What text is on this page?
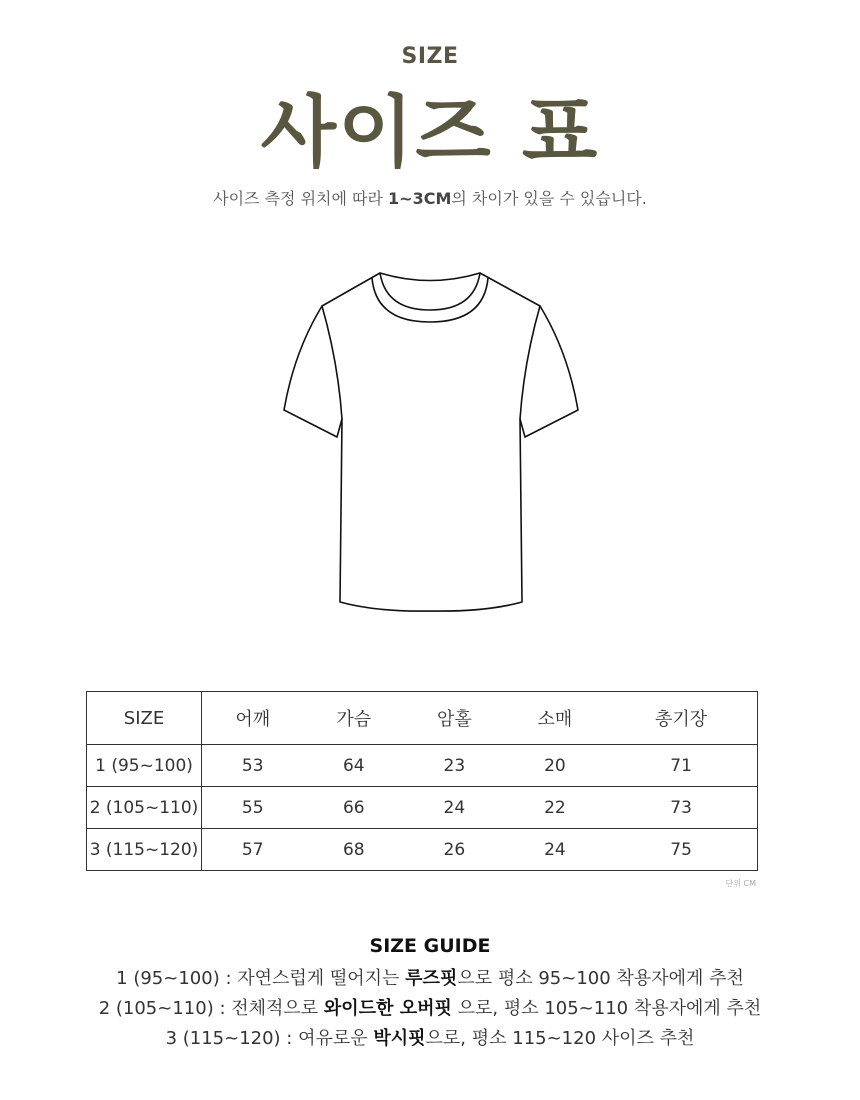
SIZE
사이즈 표
사이즈 측정 위치에 따라 1~3CM의 차이가 있을 수 있습니다.
SIZE	어깨	가슴	암홀	소매	총기장
1 (95~100)	53	64	23	20	71
2 (105~110)	55	66	24	22	73
3 (115~120)	57	68	26	24	75
단위 CM
SIZE GUIDE
1 (95~100) : 자연스럽게 떨어지는 루즈핏으로 평소 95~100 착용자에게 추천
2 (105~110) : 전체적으로 와이드한 오버핏 으로, 평소 105~110 착용자에게 추천
3 (115~120) : 여유로운 박시핏으로, 평소 115~120 사이즈 추천
